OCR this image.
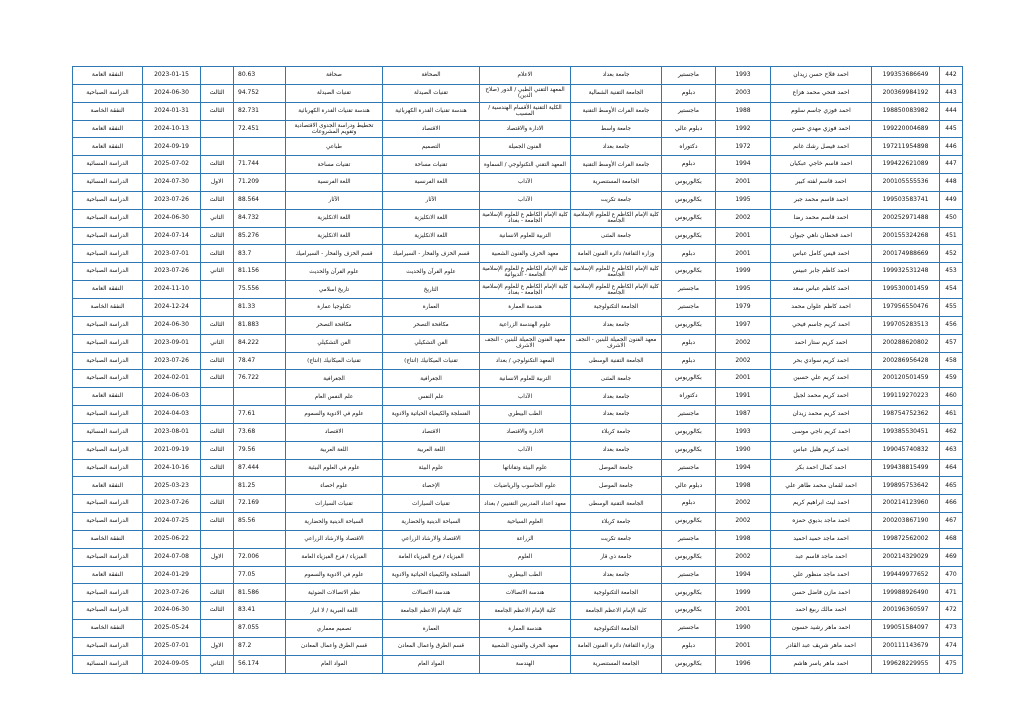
النفقة العامة	2023-01-15		80.63	صحافة	الصحافة	الاعلام	جامعة بغداد	ماجستير	1993	احمد فلاح حسن زيدان	199353686649	442
الدراسة الصباحية	2024-06-30	الثالث	94.752	تقنيات الصيدلة	تقنيات الصيدلة	المعهد التقني الطبي / الدور (صلاح الدين)	الجامعة التقنية الشمالية	دبلوم	2003	احمد فتحي محمد هزاع	200369984192	443
النفقة الخاصة	2024-01-31	الثالث	82.731	هندسة تقنيات القدرة الكهربائية	هندسة تقنيات القدرة الكهربائية	الكلية التقنية الأقسام الهندسية / المسيب	جامعة الفرات الأوسط التقنية	ماجستير	1988	احمد فوزي جاسم سلوم	198850083982	444
النفقة العامة	2024-10-13		72.451	تخطيط ودراسة الجدوى الاقتصادية وتقويم المشروعات	الاقتصاد	الادارة والاقتصاد	جامعة واسط	دبلوم عالي	1992	احمد فوزي مهدي حسن	199220004689	445
النفقة العامة	2024-09-19			طباعي	التصميم	الفنون الجميلة	جامعة بغداد	دكتوراه	1972	احمد فيصل رشك غانم	197211954898	446
الدراسة المسائية	2025-07-02	الثالث	71.744	تقنيات مساحة	تقنيات مساحة	المعهد التقني التكنولوجي / السماوة	جامعة الفرات الأوسط التقنية	دبلوم	1994	احمد قاسم خاجي عبكيان	199422621089	447
الدراسة المسائية	2024-07-30	الاول	71.209	اللغة الفرنسية	اللغة الفرنسية	الآداب	الجامعة المستنصرية	بكالوريوس	2001	احمد قاسم لفته كبير	200105555536	448
الدراسة الصباحية	2023-07-26	الثالث	88.564	الآثار	الآثار	الآداب	جامعة تكريت	بكالوريوس	1995	احمد قاسم محمد جبر	199503583741	449
الدراسة الصباحية	2024-06-30	الثاني	84.732	اللغة الانكليزية	اللغة الانكليزية	كلية الإمام الكاظم ع للعلوم الإسلامية الجامعة - بغداد	كلية الإمام الكاظم ع للعلوم الإسلامية الجامعة	بكالوريوس	2002	احمد قاسم محمد رضا	200252971488	450
الدراسة الصباحية	2024-07-14	الثالث	85.276	اللغة الانكليزية	اللغة الانكليزية	التربية للعلوم الانسانية	جامعة المثنى	بكالوريوس	2001	احمد قحطان ناهي جبوان	200155324268	451
الدراسة الصباحية	2023-07-01	الثالث	83.7	قسم الخزف والفخار - السيراميك	قسم الخزف والفخار - السيراميك	معهد الحرف والفنون الشعبية	وزارة الثقافة/ دائرة الفنون العامة	دبلوم	2001	احمد قيس كامل عباس	200174988669	452
الدراسة الصباحية	2023-07-26	الثاني	81.156	علوم القرآن والحديث	علوم القرآن والحديث	كلية الإمام الكاظم ع للعلوم الإسلامية الجامعة - الديوانية	كلية الإمام الكاظم ع للعلوم الإسلامية الجامعة	بكالوريوس	1999	احمد كاظم جابر عبيس	199932531248	453
النفقة العامة	2024-11-10		75.556	تاريخ اسلامي	التاريخ	كلية الإمام الكاظم ع للعلوم الإسلامية الجامعة - بغداد	كلية الإمام الكاظم ع للعلوم الإسلامية الجامعة	ماجستير	1995	احمد كاظم عباس سعد	199530001459	454
النفقة الخاصة	2024-12-24		81.33	تكنلوجيا عمارة	العمارة	هندسة العمارة	الجامعة التكنولوجية	ماجستير	1979	احمد كاظم علوان محمد	197956550476	455
الدراسة الصباحية	2024-06-30	الثالث	81.883	مكافحة التصحر	مكافحة التصحر	علوم الهندسة الزراعية	جامعة بغداد	بكالوريوس	1997	احمد كريم جاسم فيحي	199705283513	456
الدراسة الصباحية	2023-09-01	الثاني	84.222	الفن التشكيلي	الفن التشكيلي	معهد الفنون الجميلة للبنين - النجف الاشرف	معهد الفنون الجميلة للبنين - النجف الاشرف	دبلوم	2002	احمد كريم ستار احمد	200288620802	457
الدراسة الصباحية	2023-07-26	الثالث	78.47	تقنيات الميكانيك (انتاج)	تقنيات الميكانيك (انتاج)	المعهد التكنولوجي / بغداد	الجامعة التقنية الوسطى	دبلوم	2002	احمد كريم سوادي بحر	200286956428	458
الدراسة الصباحية	2024-02-01	الثالث	76.722	الجغرافية	الجغرافية	التربية للعلوم الانسانية	جامعة المثنى	بكالوريوس	2001	احمد كريم علي حسين	200120501459	459
النفقة العامة	2024-06-03			علم النفس العام	علم النفس	الآداب	جامعة بغداد	دكتوراه	1991	احمد كريم محمد لجيل	199119270223	460
الدراسة الصباحية	2024-04-03		77.61	علوم في الادوية والسموم	الفسلجة والكيمياء الحياتية والادوية	الطب البيطري	جامعة بغداد	ماجستير	1987	احمد كريم محمد زيدان	198754752362	461
الدراسة المسائية	2023-08-01	الثالث	73.68	الاقتصاد	الاقتصاد	الادارة والاقتصاد	جامعة كربلاء	بكالوريوس	1993	احمد كريم ناجي موسى	199385530451	462
الدراسة الصباحية	2021-09-19	الثالث	79.56	اللغة العربية	اللغة العربية	الآداب	جامعة بغداد	بكالوريوس	1990	احمد كريم هليل عباس	199045740832	463
الدراسة الصباحية	2024-10-16	الثالث	87.444	علوم في العلوم البيئية	علوم البيئة	علوم البيئة وتقاناتها	جامعة الموصل	ماجستير	1994	احمد كمال احمد بكر	199438815499	464
النفقة العامة	2025-03-23		81.25	علوم احصاء	الإحصاء	علوم الحاسوب والرياضيات	جامعة الموصل	دبلوم عالي	1998	احمد لقمان محمد طاهر علي	199895753642	465
الدراسة الصباحية	2023-07-26	الثالث	72.169	تقنيات السيارات	تقنيات السيارات	معهد اعداد المدربين التقنيين / بغداد	الجامعة التقنية الوسطى	دبلوم	2002	احمد ليث ابراهيم كريم	200214123960	466
الدراسة الصباحية	2024-07-25	الثالث	85.56	السياحة الدينية والحضارية	السياحة الدينية والحضارية	العلوم السياحية	جامعة كربلاء	بكالوريوس	2002	احمد ماجد بديوي حمزه	200203867190	467
النفقة الخاصة	2025-06-22			الاقتصاد والارشاد الزراعي	الاقتصاد والارشاد الزراعي	الزراعة	جامعة تكريت	ماجستير	1998	احمد ماجد حميد احميد	199872562002	468
الدراسة الصباحية	2024-07-08	الاول	72.006	الفيزياء / فرع الفيزياء العامة	الفيزياء / فرع الفيزياء العامة	العلوم	جامعة ذي قار	بكالوريوس	2002	احمد ماجد قاسم عبد	200214329029	469
النفقة العامة	2024-01-29		77.05	علوم في الادوية والسموم	الفسلجة والكيمياء الحياتية والادوية	الطب البيطري	جامعة بغداد	ماجستير	1994	احمد ماجد منظور علي	199449977652	470
الدراسة الصباحية	2023-07-26	الثالث	81.586	نظم الاتصالات الضوئية	هندسة الاتصالات	هندسة الاتصالات	الجامعة التكنولوجية	بكالوريوس	1999	احمد مازن فاضل حسن	199988926490	471
الدراسة الصباحية	2024-06-30	الثالث	83.41	اللغة العبرية / لا انبار	كلية الإمام الاعظم الجامعة	كلية الإمام الاعظم الجامعة	كلية الإمام الاعظم الجامعة	بكالوريوس	2001	احمد مالك ربيع احمد	200196360597	472
النفقة الخاصة	2025-05-24		87.055	تصميم معماري	العمارة	هندسة العمارة	الجامعة التكنولوجية	ماجستير	1990	احمد ماهر رشيد حسون	199051584097	473
الدراسة الصباحية	2025-07-01	الاول	87.2	قسم الطرق واعمال المعادن	قسم الطرق واعمال المعادن	معهد الحرف والفنون الشعبية	وزارة الثقافة/ دائرة الفنون العامة	دبلوم	2001	احمد ماهر شريف عبد القادر	200111143679	474
الدراسة المسائية	2024-09-05	الثاني	56.174	المواد العام	المواد العام	الهندسة	الجامعة المستنصرية	بكالوريوس	1996	احمد ماهر ياسر هاشم	199628229955	475
